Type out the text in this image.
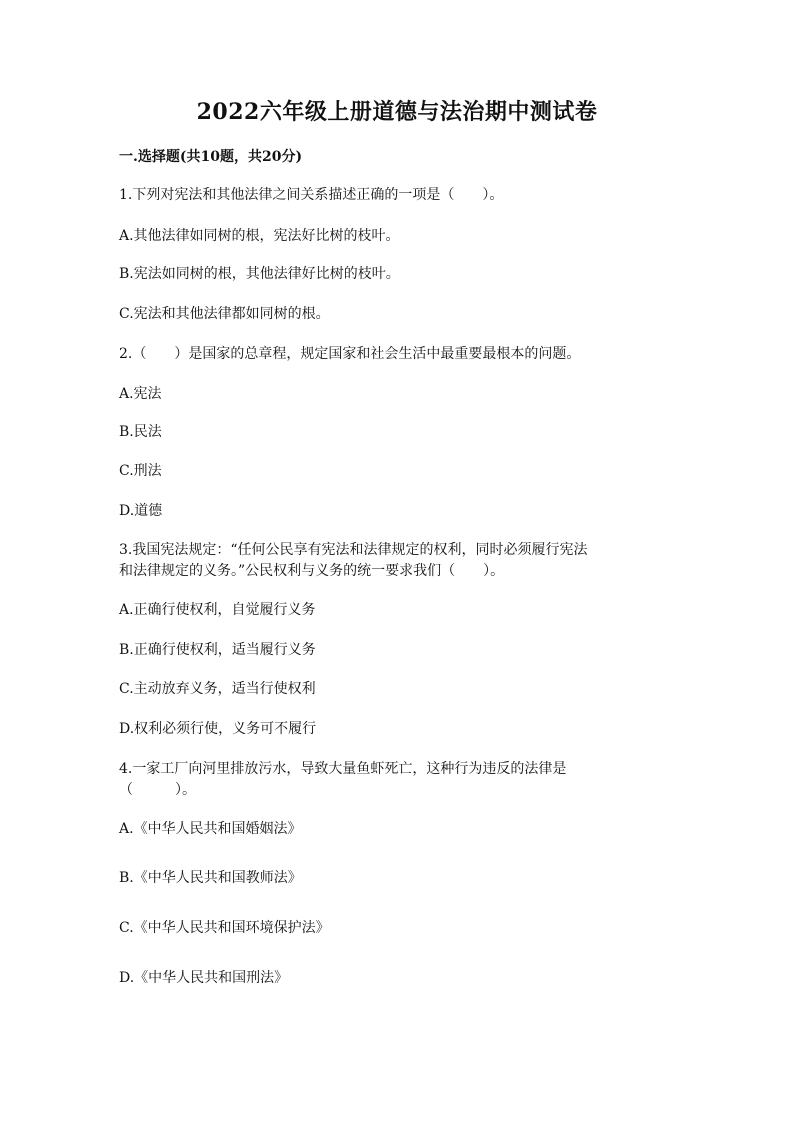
2022六年级上册道德与法治期中测试卷
一.选择题(共10题，共20分)
1.下列对宪法和其他法律之间关系描述正确的一项是（　　）。
A.其他法律如同树的根，宪法好比树的枝叶。
B.宪法如同树的根，其他法律好比树的枝叶。
C.宪法和其他法律都如同树的根。
2.（　　）是国家的总章程，规定国家和社会生活中最重要最根本的问题。
A.宪法
B.民法
C.刑法
D.道德
3.我国宪法规定：“任何公民享有宪法和法律规定的权利，同时必须履行宪法
和法律规定的义务。”公民权利与义务的统一要求我们（　　）。
A.正确行使权利，自觉履行义务
B.正确行使权利，适当履行义务
C.主动放弃义务，适当行使权利
D.权利必须行使，义务可不履行
4.一家工厂向河里排放污水，导致大量鱼虾死亡，这种行为违反的法律是
（　　　）。
A.《中华人民共和国婚姻法》
B.《中华人民共和国教师法》
C.《中华人民共和国环境保护法》
D.《中华人民共和国刑法》
